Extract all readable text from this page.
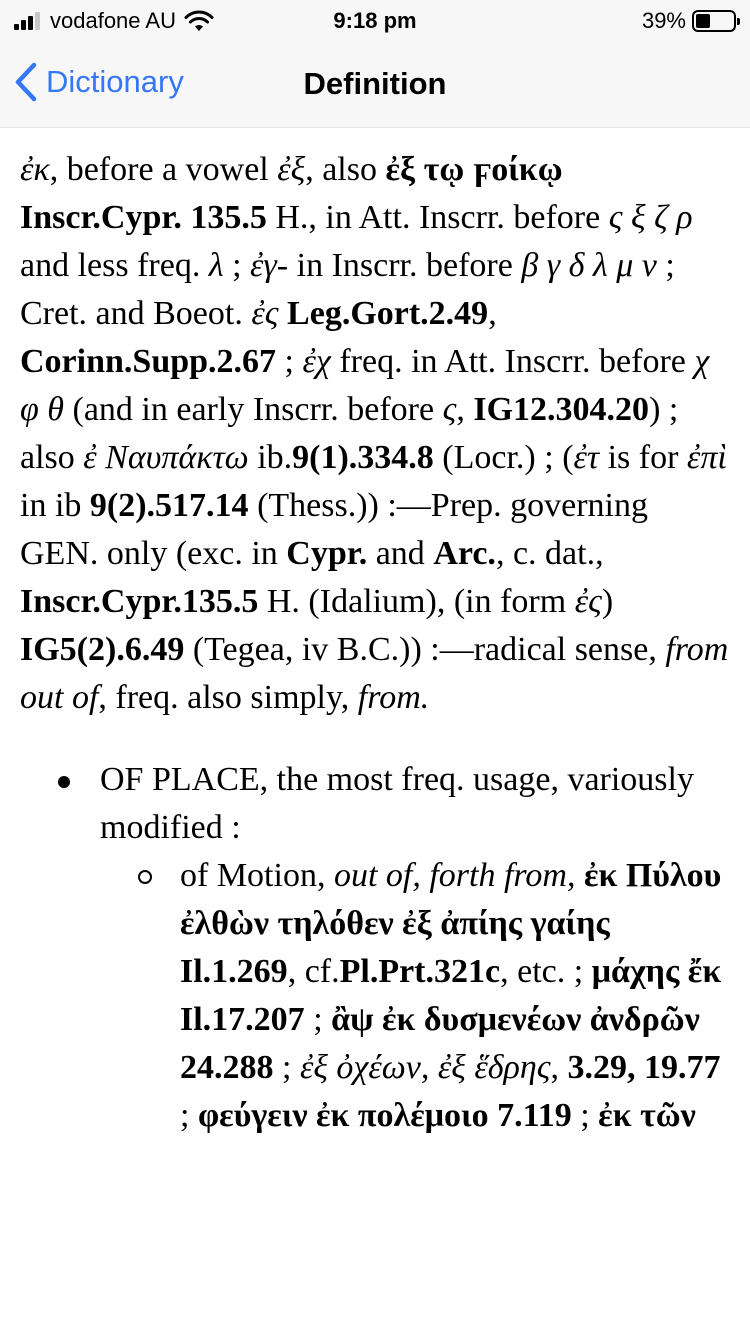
vodafone AU	9:18 pm	39%
Dictionary	Definition

ἐκ, before a vowel ἐξ, also ἐξ τῳ ϝοίκῳ Inscr.Cypr. 135.5 H., in Att. Inscrr. before ς ξ ζ ρ and less freq. λ ; ἐγ- in Inscrr. before β γ δ λ μ ν ; Cret. and Boeot. ἐς Leg.Gort.2.49, Corinn.Supp.2.67 ; ἐχ freq. in Att. Inscrr. before χ φ θ (and in early Inscrr. before ς, IG12.304.20) ; also ἐ Ναυπάκτω ib.9(1).334.8 (Locr.) ; (ἐτ is for ἐπὶ in ib 9(2).517.14 (Thess.)) :—Prep. governing GEN. only (exc. in Cypr. and Arc., c. dat., Inscr.Cypr.135.5 H. (Idalium), (in form ἐς) IG5(2).6.49 (Tegea, iv B.C.)) :—radical sense, from out of, freq. also simply, from.

OF PLACE, the most freq. usage, variously modified :
of Motion, out of, forth from, ἐκ Πύλου ἐλθὼν τηλόθεν ἐξ ἀπίης γαίης Il.1.269, cf.Pl.Prt.321c, etc. ; μάχης ἔκ Il.17.207 ; ἂψ ἐκ δυσμενέων ἀνδρῶν 24.288 ; ἐξ ὀχέων, ἐξ ἕδρης, 3.29, 19.77 ; φεύγειν ἐκ πολέμοιο 7.119 ; ἐκ τῶν
